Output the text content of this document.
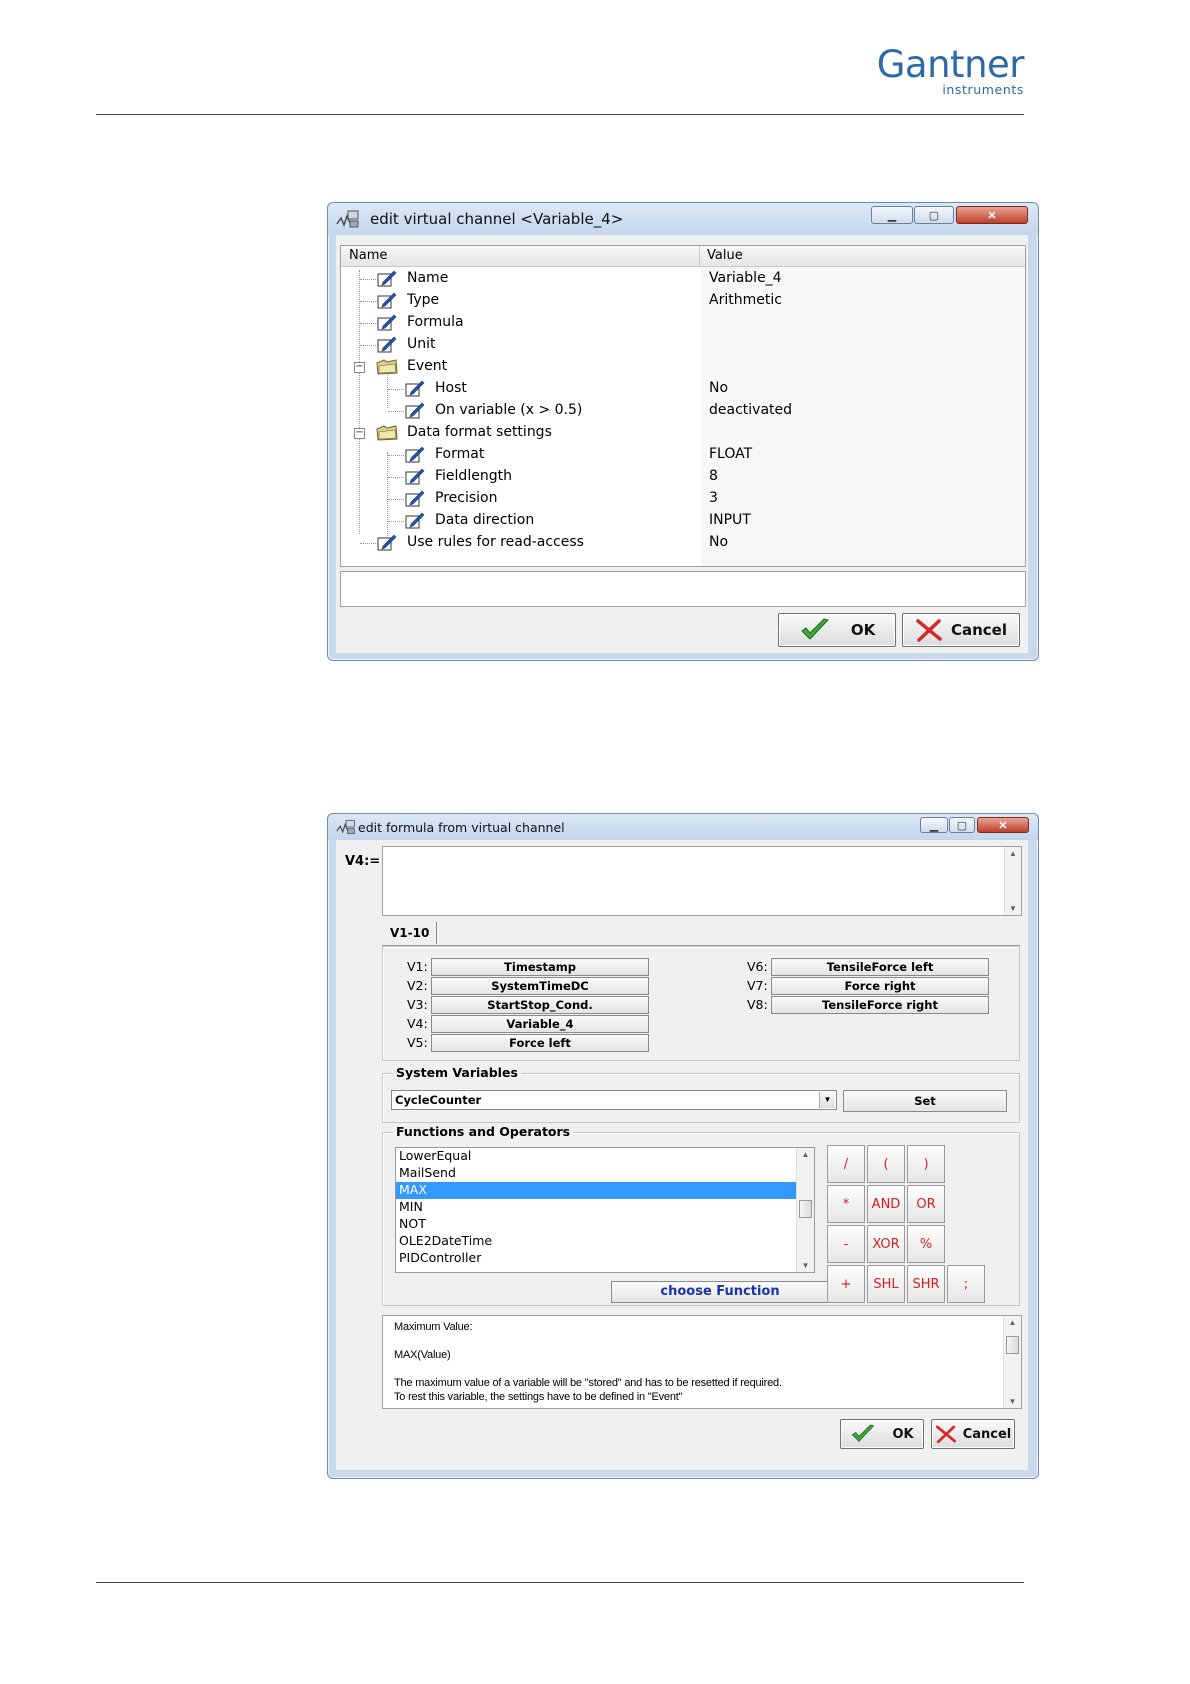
Gantner
instruments
edit virtual channel <Variable_4>	▁	▢	✕
Name	Value
Name	Variable_4
Type	Arithmetic
Formula
Unit
−	Event
Host	No
On variable (x > 0.5)	deactivated
−	Data format settings
Format	FLOAT
Fieldlength	8
Precision	3
Data direction	INPUT
Use rules for read-access	No
OK	Cancel
edit formula from virtual channel	▁ ▢	✕
V4:=
▲
▼
V1-10
V1:	Timestamp
V2:	SystemTimeDC
V3:	StartStop_Cond.
V4:	Variable_4
V5:	Force left
V6:	TensileForce left
V7:	Force right
V8:	TensileForce right
System Variables
CycleCounter	▼	Set
Functions and Operators
LowerEqual
MailSend
MAX
MIN
NOT
OLE2DateTime
PIDController
▲
▼
choose Function
/	(	)
*	AND	OR
-	XOR	%
+	SHL	SHR	;
Maximum Value:
MAX(Value)
The maximum value of a variable will be "stored" and has to be resetted if required.
To rest this variable, the settings have to be defined in "Event"
▲
▼
OK	Cancel
